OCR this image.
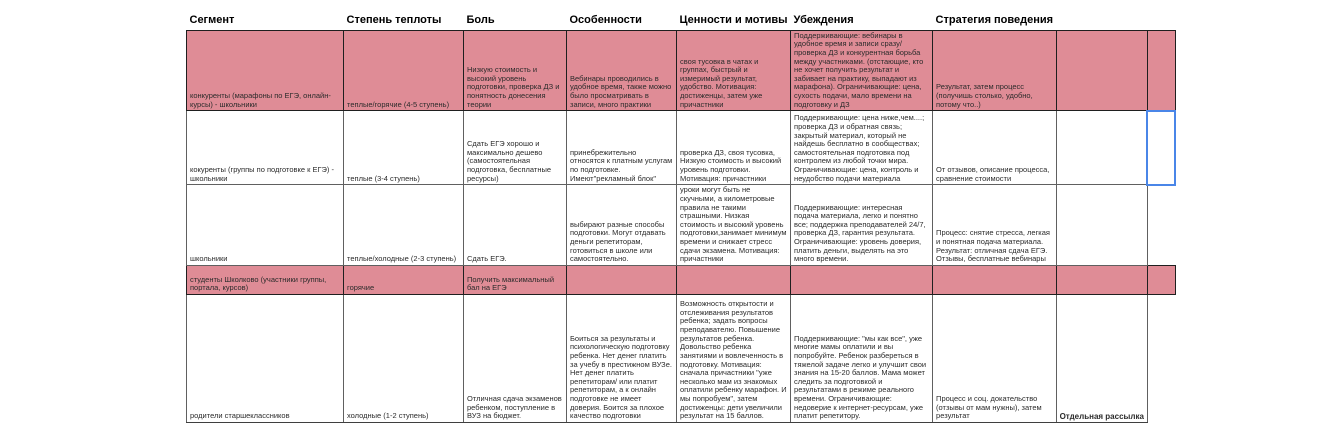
Сегмент	Степень теплоты	Боль	Особенности	Ценности и мотивы	Убеждения	Стратегия поведения		
конкуренты (марафоны по ЕГЭ, онлайн-курсы) - школьники	теплые/горячие (4-5 ступень)	Низкую стоимость и высокий уровень подготовки, проверка ДЗ и понятность донесения теории	Вебинары проводились в удобное время, также можно было просматривать в записи, много практики	своя тусовка в чатах и группах, быстрый и измеримый результат, удобство. Мотивация: достиженцы, затем уже причастники	Поддерживающие: вебинары в удобное время и записи сразу/ проверка ДЗ и конкурентная борьба между участниками. (отстающие, кто не хочет получить результат и забивает на практику, выпадают из марафона). Ограничивающие: цена, сухость подачи, мало времени на подготовку и ДЗ	Результат, затем процесс (получишь столько, удобно, потому что..)		
кокуренты (группы по подготовке к ЕГЭ) - школьники	теплые (3-4 ступень)	Сдать ЕГЭ хорошо и максимально дешево (самостоятельная подготовка, бесплатные ресурсы)	принебрежительно относятся к платным услугам по подготовке. Имеют"рекламный блок"	проверка ДЗ, своя тусовка, Низкую стоимость и высокий уровень подготовки. Мотивация: причастники	Поддерживающие: цена ниже,чем....; проверка ДЗ и обратная связь; закрытый материал, который не найдешь бесплатно в сообществах; самостоятельная подготовка под контролем из любой точки мира. Ограничивающие: цена, контроль и неудобство подачи материала	От отзывов, описание процесса, сравнение стоимости		
школьники	теплые/холодные (2-3 ступень)	Сдать ЕГЭ.	выбирают разные способы подготовки. Могут отдавать деньги репетиторам, готовиться в школе или самостоятельно.	уроки могут быть не скучными, а километровые правила не такими страшными. Низкая стоимость и высокий уровень подготовки,занимает минимум времени и снижает стресс сдачи экзамена. Мотивация: причастники	Поддерживающие: интересная подача материала, легко и понятно все; поддержка преподавателей 24/7, проверка ДЗ, гарантия результата. Ограничивающие: уровень доверия, платить деньги, выделять на это много времени.	Процесс: снятие стресса, легкая и понятная подача материала. Результат: отличная сдача ЕГЭ. Отзывы, бесплатные вебинары		
студенты Школково (участники группы, портала, курсов)	горячие	Получить максимальный бал на ЕГЭ						
родители старшеклассников	холодные (1-2 ступень)	Отличная сдача экзаменов ребенком, поступление в ВУЗ на бюджет.	Боиться за результаты и психологическую подготовку ребенка. Нет денег платить за учебу в престижном ВУЗе. Нет денег платить репетиторам/ или платит репетиторам, а к онлайн подготовке не имеет доверия. Боится за плохое качество подготовки	Возможность открытости и отслеживания результатов ребенка; задать вопросы преподавателю. Повышение результатов ребенка. Довольство ребенка занятиями и вовлеченность в подготовку. Мотивация: сначала причастники "уже несколько мам из знакомых оплатили ребенку марафон. И мы попробуем", затем достиженцы: дети увеличили результат на 15 баллов.	Поддерживающие: "мы как все", уже многие мамы оплатили и вы попробуйте. Ребенок разбереться в тяжелой задаче легко и улучшит свои знания на 15-20 баллов. Мама может следить за подготовкой и результатами в режиме реального времени. Ограничивающие: недоверие к интернет-ресурсам, уже платит репетитору.	Процесс и соц. докательство (отзывы от мам нужны), затем результат	Отдельная рассылка	
